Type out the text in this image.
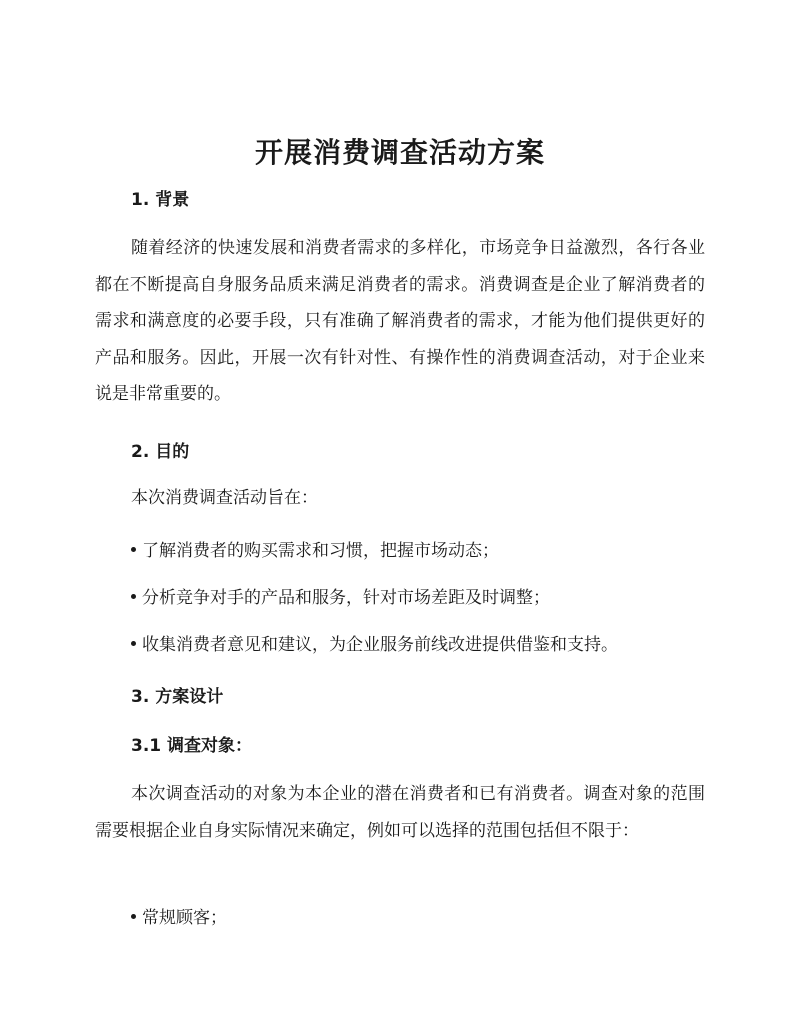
开展消费调查活动方案
1. 背景
随着经济的快速发展和消费者需求的多样化，市场竞争日益激烈，各行各业都在不断提高自身服务品质来满足消费者的需求。消费调查是企业了解消费者的需求和满意度的必要手段，只有准确了解消费者的需求，才能为他们提供更好的产品和服务。因此，开展一次有针对性、有操作性的消费调查活动，对于企业来说是非常重要的。
2. 目的
本次消费调查活动旨在：
了解消费者的购买需求和习惯，把握市场动态；
分析竞争对手的产品和服务，针对市场差距及时调整；
收集消费者意见和建议，为企业服务前线改进提供借鉴和支持。
3. 方案设计
3.1 调查对象：
本次调查活动的对象为本企业的潜在消费者和已有消费者。调查对象的范围需要根据企业自身实际情况来确定，例如可以选择的范围包括但不限于：
常规顾客；
